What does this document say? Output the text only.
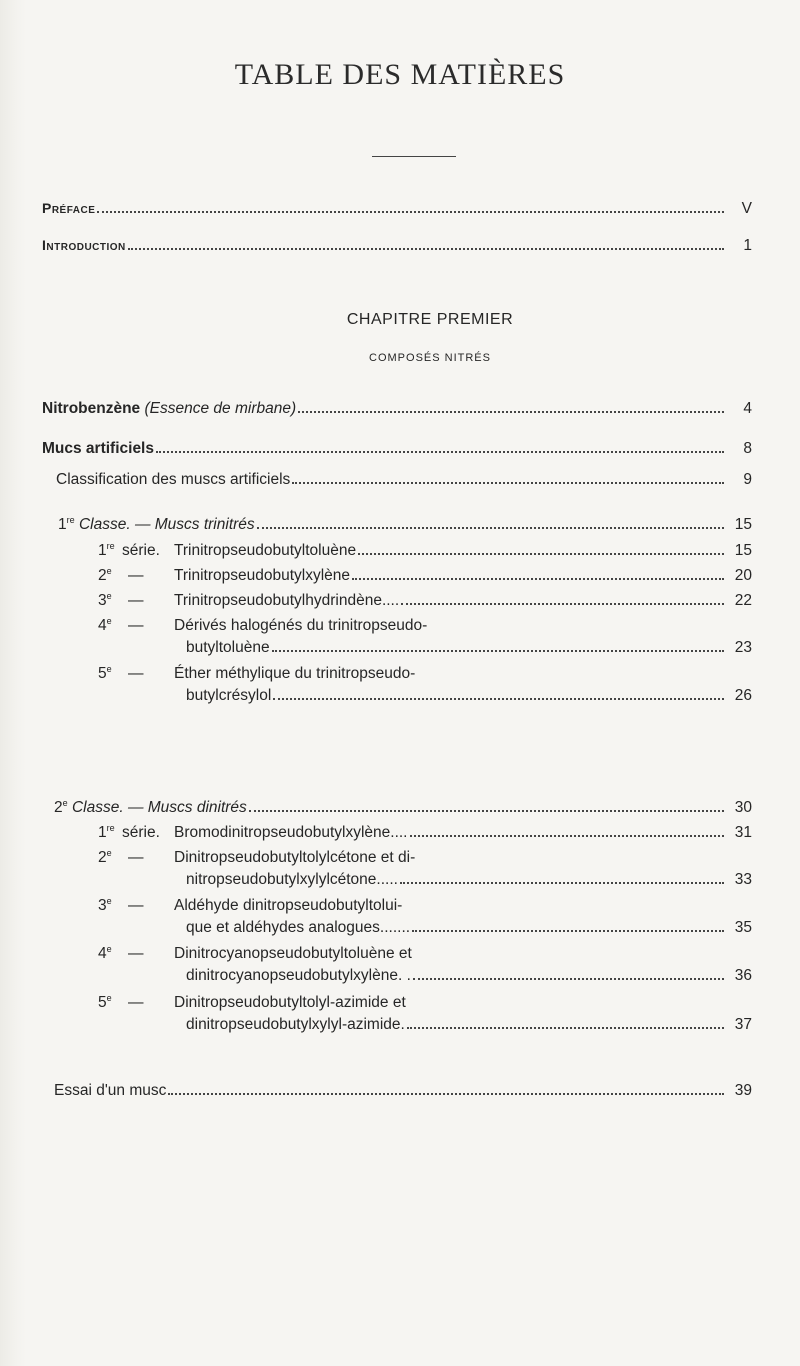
TABLE DES MATIÈRES
Préface	V
Introduction	1
CHAPITRE PREMIER
COMPOSÉS NITRÉS
Nitrobenzène (Essence de mirbane)	4
Mucs artificiels	8
Classification des muscs artificiels	9
1re Classe. — Muscs trinitrés	15
1re série. Trinitropseudobutyltoluène	15
2e — Trinitropseudobutylxylène	20
3e — Trinitropseudobutylhydrindène....	22
4e — Dérivés halogénés du trinitropseudo-
butyltoluène	23
5e — Éther méthylique du trinitropseudo-
butylcrésylol	26
2e Classe. — Muscs dinitrés	30
1re série. Bromodinitropseudobutylxylène....	31
2e — Dinitropseudobutyltolylcétone et di-
nitropseudobutylxylylcétone.....	33
3e — Aldéhyde dinitropseudobutyltolui-
que et aldéhydes analogues.......	35
4e — Dinitrocyanopseudobutyltoluène et
dinitrocyanopseudobutylxylène. .	36
5e — Dinitropseudobutyltolyl-azimide et
dinitropseudobutylxylyl-azimide.	37
Essai d'un musc	39
